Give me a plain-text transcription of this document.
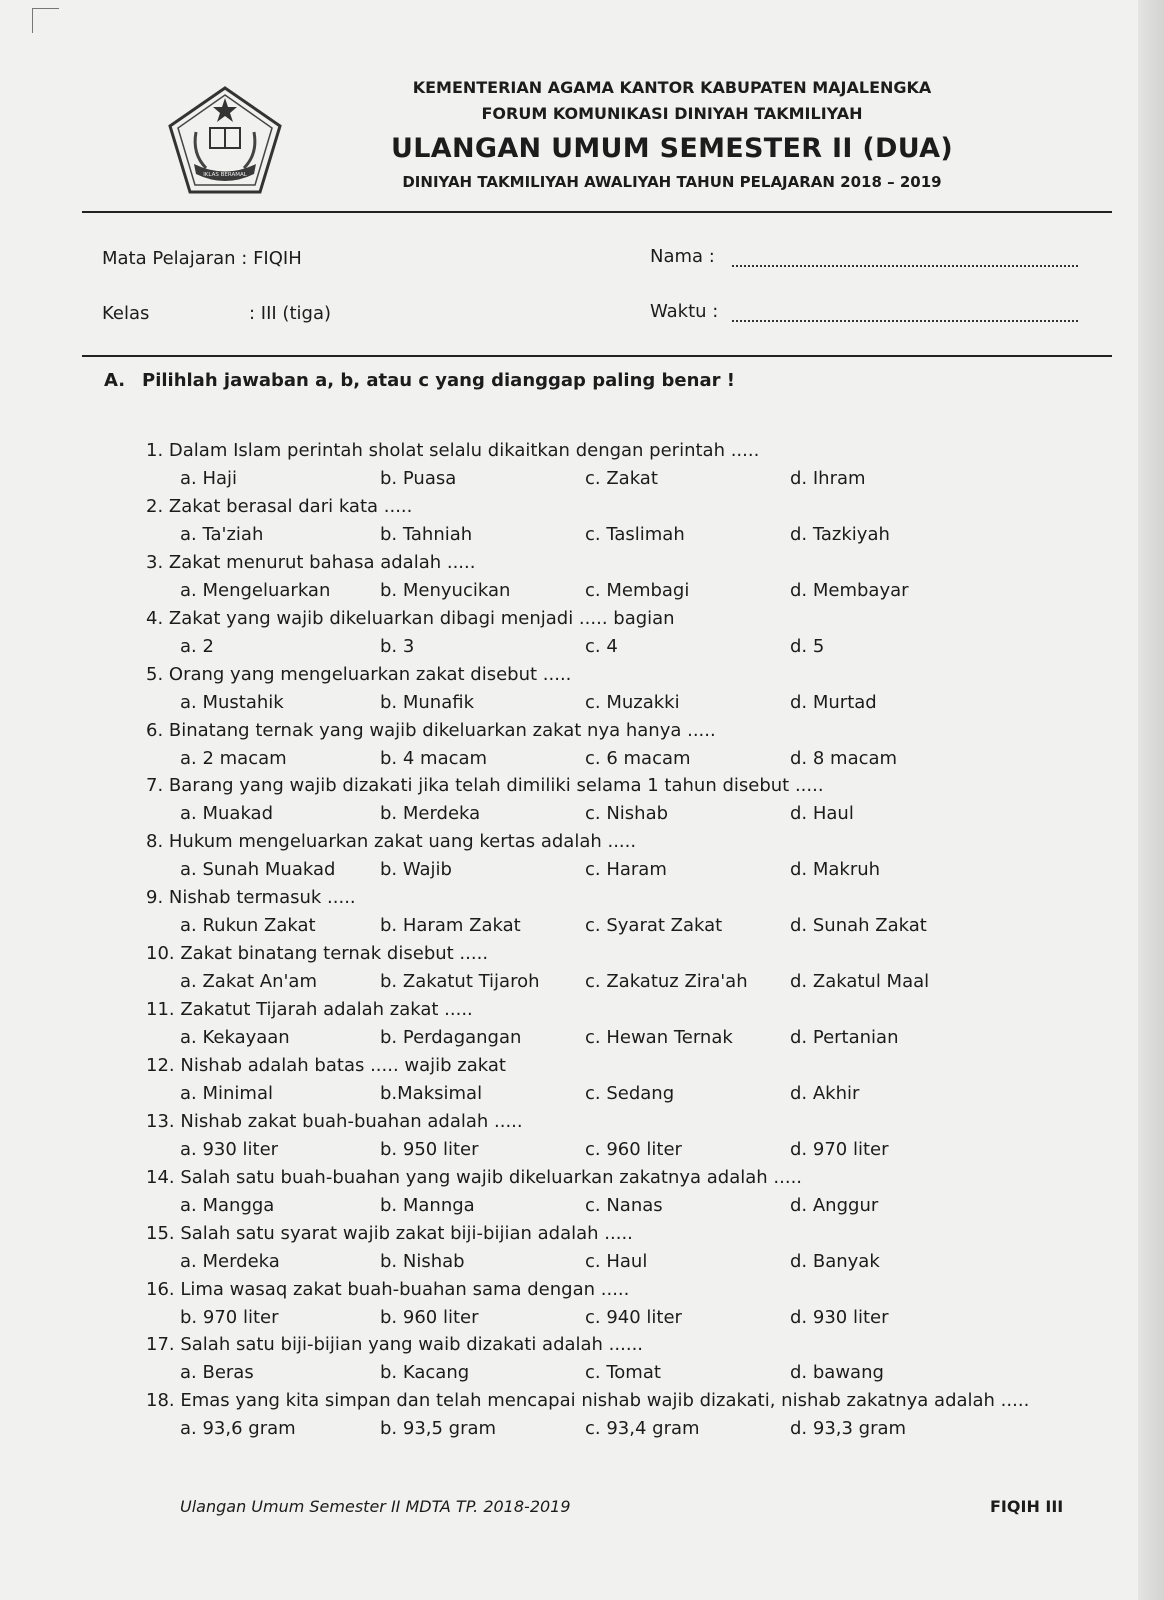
IKLAS BERAMAL
KEMENTERIAN AGAMA KANTOR KABUPATEN MAJALENGKA
FORUM KOMUNIKASI DINIYAH TAKMILIYAH
ULANGAN UMUM SEMESTER II (DUA)
DINIYAH TAKMILIYAH AWALIYAH TAHUN PELAJARAN 2018 – 2019
Mata Pelajaran : FIQIH	Nama :
Kelas	: III (tiga)	Waktu :
A. Pilihlah jawaban a, b, atau c yang dianggap paling benar !
1. Dalam Islam perintah sholat selalu dikaitkan dengan perintah .....
a. Haji	b. Puasa	c. Zakat	d. Ihram
2. Zakat berasal dari kata .....
a. Ta'ziah	b. Tahniah	c. Taslimah	d. Tazkiyah
3. Zakat menurut bahasa adalah .....
a. Mengeluarkan	b. Menyucikan	c. Membagi	d. Membayar
4. Zakat yang wajib dikeluarkan dibagi menjadi ..... bagian
a. 2	b. 3	c. 4	d. 5
5. Orang yang mengeluarkan zakat disebut .....
a. Mustahik	b. Munafik	c. Muzakki	d. Murtad
6. Binatang ternak yang wajib dikeluarkan zakat nya hanya .....
a. 2 macam	b. 4 macam	c. 6 macam	d. 8 macam
7. Barang yang wajib dizakati jika telah dimiliki selama 1 tahun disebut .....
a. Muakad	b. Merdeka	c. Nishab	d. Haul
8. Hukum mengeluarkan zakat uang kertas adalah .....
a. Sunah Muakad b. Wajib	c. Haram	d. Makruh
9. Nishab termasuk .....
a. Rukun Zakat	b. Haram Zakat	c. Syarat Zakat	d. Sunah Zakat
10. Zakat binatang ternak disebut .....
a. Zakat An'am	b. Zakatut Tijaroh	c. Zakatuz Zira'ah d. Zakatul Maal
11. Zakatut Tijarah adalah zakat .....
a. Kekayaan	b. Perdagangan	c. Hewan Ternak	d. Pertanian
12. Nishab adalah batas ..... wajib zakat
a. Minimal	b.Maksimal	c. Sedang	d. Akhir
13. Nishab zakat buah-buahan adalah .....
a. 930 liter	b. 950 liter	c. 960 liter	d. 970 liter
14. Salah satu buah-buahan yang wajib dikeluarkan zakatnya adalah .....
a. Mangga	b. Mannga	c. Nanas	d. Anggur
15. Salah satu syarat wajib zakat biji-bijian adalah .....
a. Merdeka	b. Nishab	c. Haul	d. Banyak
16. Lima wasaq zakat buah-buahan sama dengan .....
b. 970 liter	b. 960 liter	c. 940 liter	d. 930 liter
17. Salah satu biji-bijian yang waib dizakati adalah ......
a. Beras	b. Kacang	c. Tomat	d. bawang
18. Emas yang kita simpan dan telah mencapai nishab wajib dizakati, nishab zakatnya adalah .....
a. 93,6 gram	b. 93,5 gram	c. 93,4 gram	d. 93,3 gram
Ulangan Umum Semester II MDTA TP. 2018-2019	FIQIH III
